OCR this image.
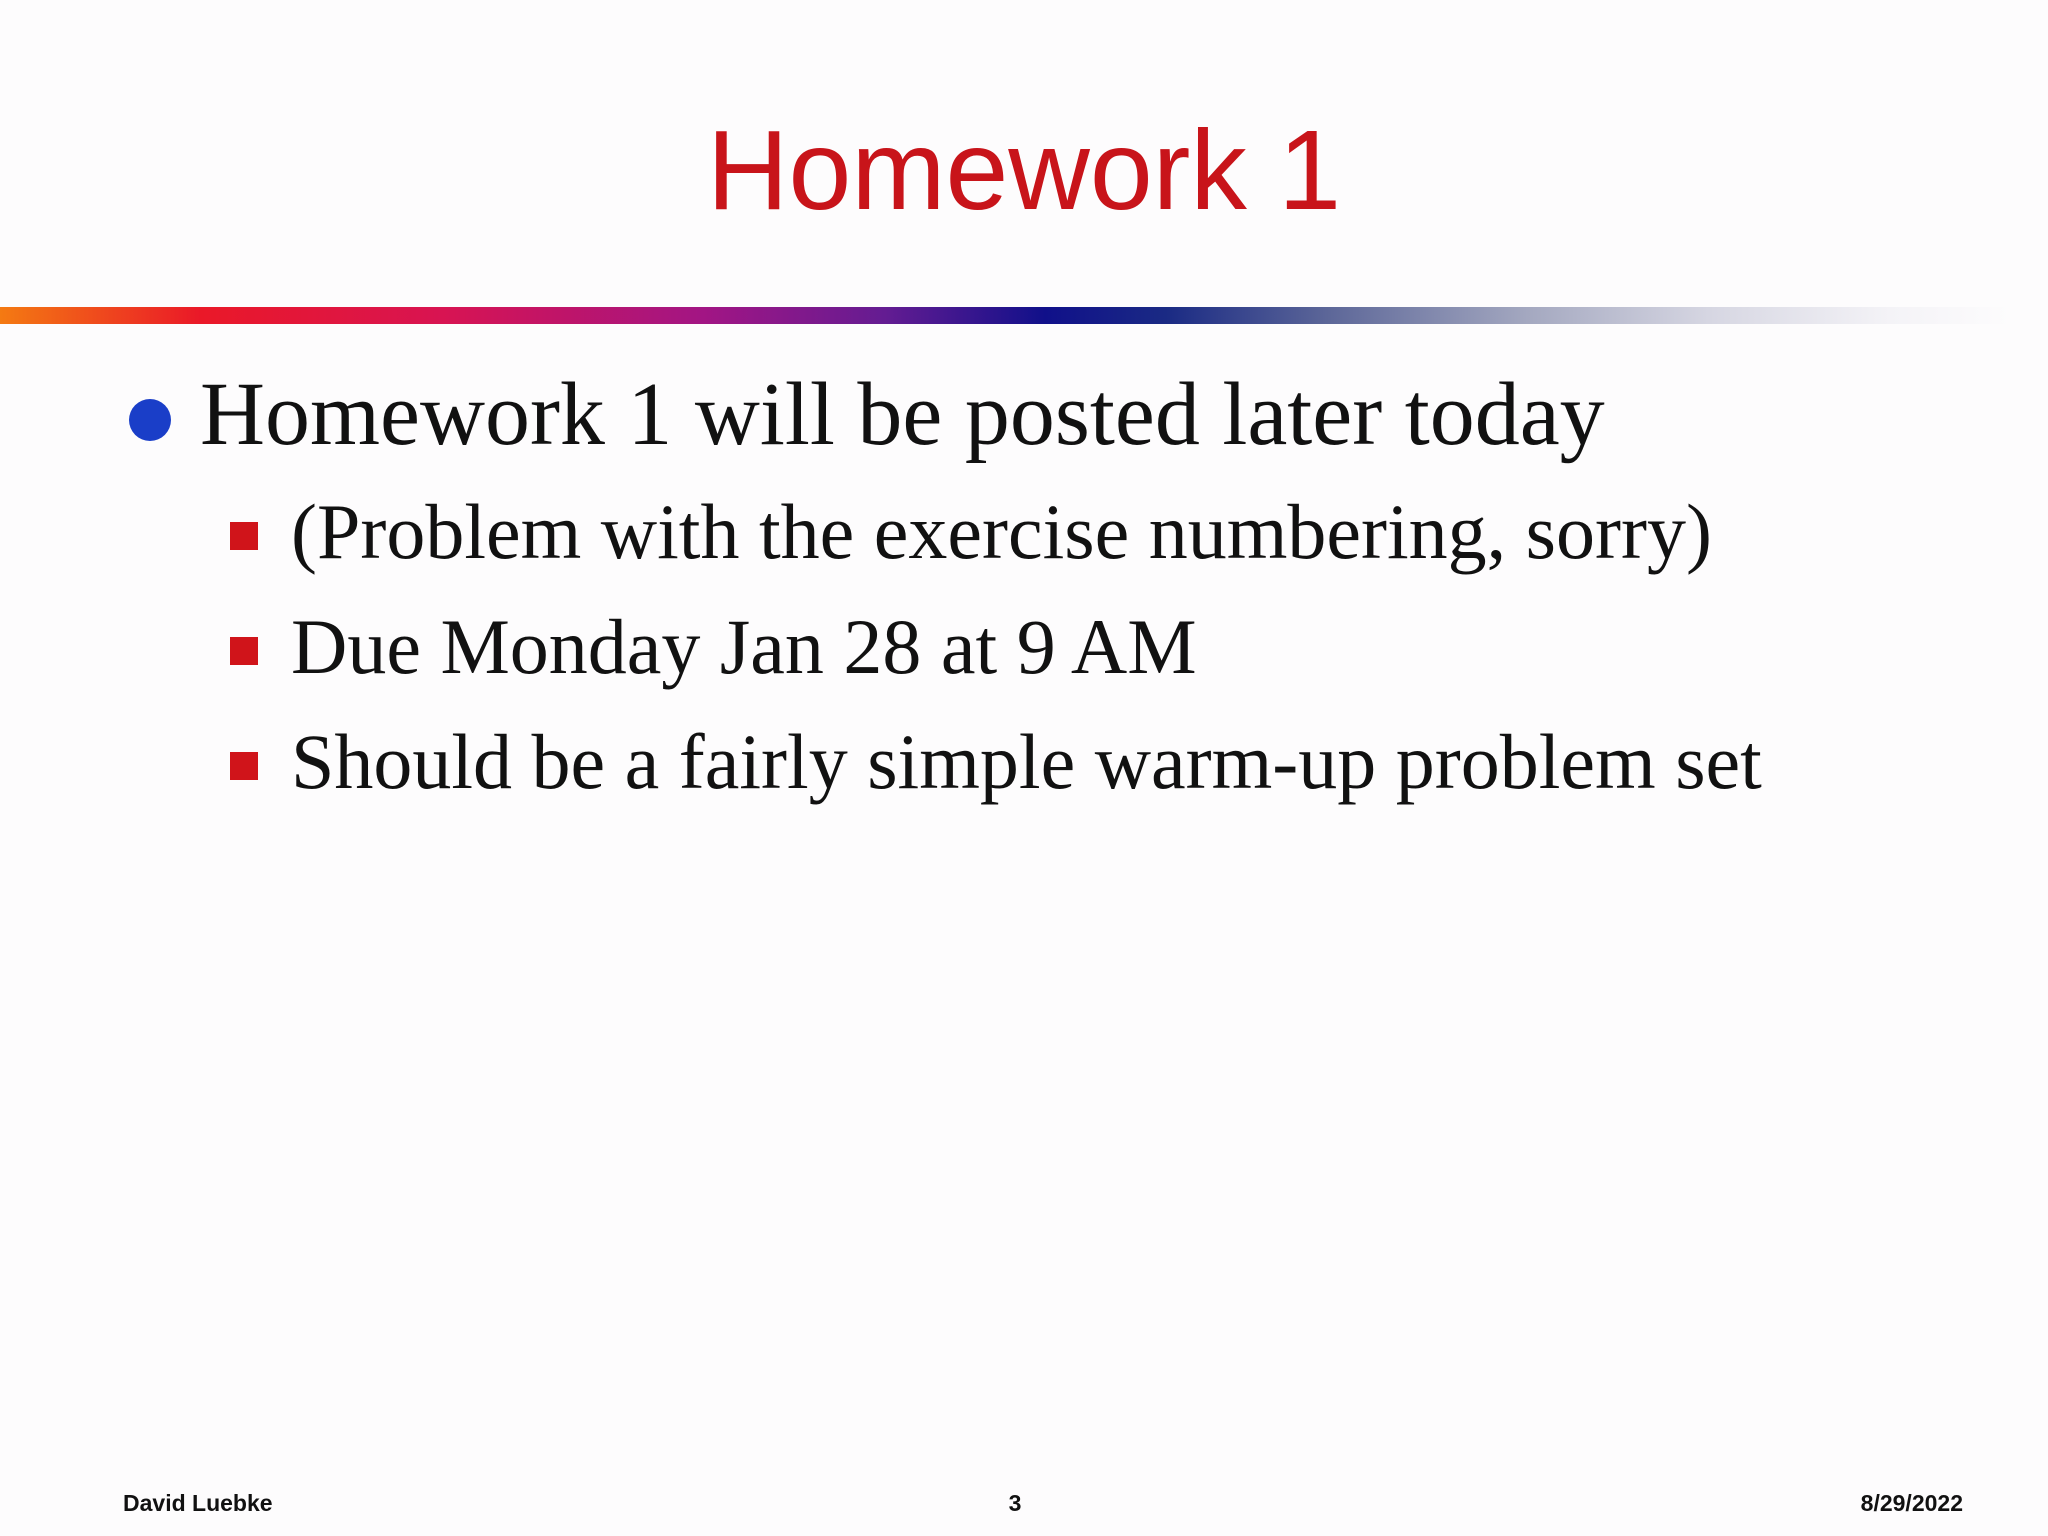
Homework 1
Homework 1 will be posted later today
(Problem with the exercise numbering, sorry)
Due Monday Jan 28 at 9 AM
Should be a fairly simple warm-up problem set
David Luebke	3	8/29/2022
